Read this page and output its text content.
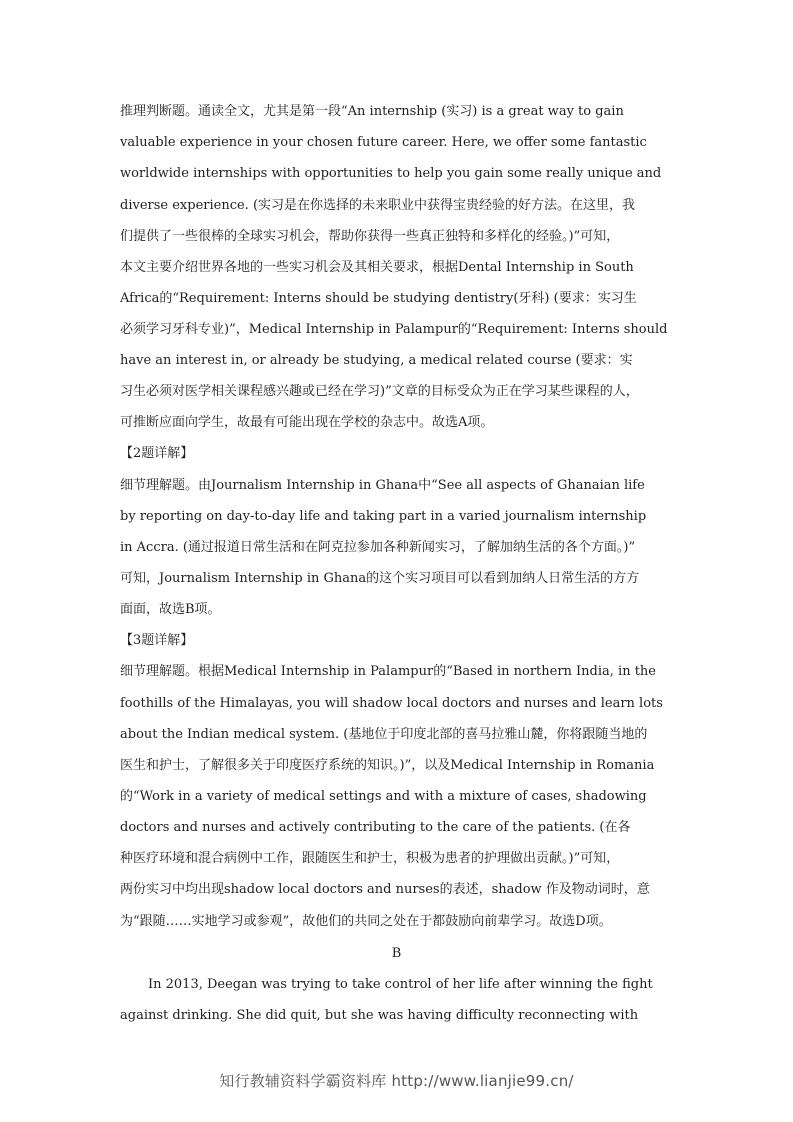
推理判断题。通读全文，尤其是第一段“An internship (实习) is a great way to gain
valuable experience in your chosen future career. Here, we offer some fantastic
worldwide internships with opportunities to help you gain some really unique and
diverse experience. (实习是在你选择的未来职业中获得宝贵经验的好方法。在这里，我
们提供了一些很棒的全球实习机会，帮助你获得一些真正独特和多样化的经验。)”可知，
本文主要介绍世界各地的一些实习机会及其相关要求，根据Dental Internship in South
Africa的“Requirement: Interns should be studying dentistry(牙科) (要求：实习生
必须学习牙科专业)”，Medical Internship in Palampur的“Requirement: Interns should
have an interest in, or already be studying, a medical related course (要求：实
习生必须对医学相关课程感兴趣或已经在学习)”文章的目标受众为正在学习某些课程的人，
可推断应面向学生，故最有可能出现在学校的杂志中。故选A项。
【2题详解】
细节理解题。由Journalism Internship in Ghana中“See all aspects of Ghanaian life
by reporting on day-to-day life and taking part in a varied journalism internship
in Accra. (通过报道日常生活和在阿克拉参加各种新闻实习，了解加纳生活的各个方面。)”
可知，Journalism Internship in Ghana的这个实习项目可以看到加纳人日常生活的方方
面面，故选B项。
【3题详解】
细节理解题。根据Medical Internship in Palampur的“Based in northern India, in the
foothills of the Himalayas, you will shadow local doctors and nurses and learn lots
about the Indian medical system. (基地位于印度北部的喜马拉雅山麓，你将跟随当地的
医生和护士，了解很多关于印度医疗系统的知识。)”，以及Medical Internship in Romania
的“Work in a variety of medical settings and with a mixture of cases, shadowing
doctors and nurses and actively contributing to the care of the patients. (在各
种医疗环境和混合病例中工作，跟随医生和护士，积极为患者的护理做出贡献。)”可知，
两份实习中均出现shadow local doctors and nurses的表述，shadow 作及物动词时，意
为“跟随……实地学习或参观”，故他们的共同之处在于都鼓励向前辈学习。故选D项。
B
In 2013, Deegan was trying to take control of her life after winning the fight
against drinking. She did quit, but she was having difficulty reconnecting with
知行教辅资料学霸资料库 http://www.lianjie99.cn/
